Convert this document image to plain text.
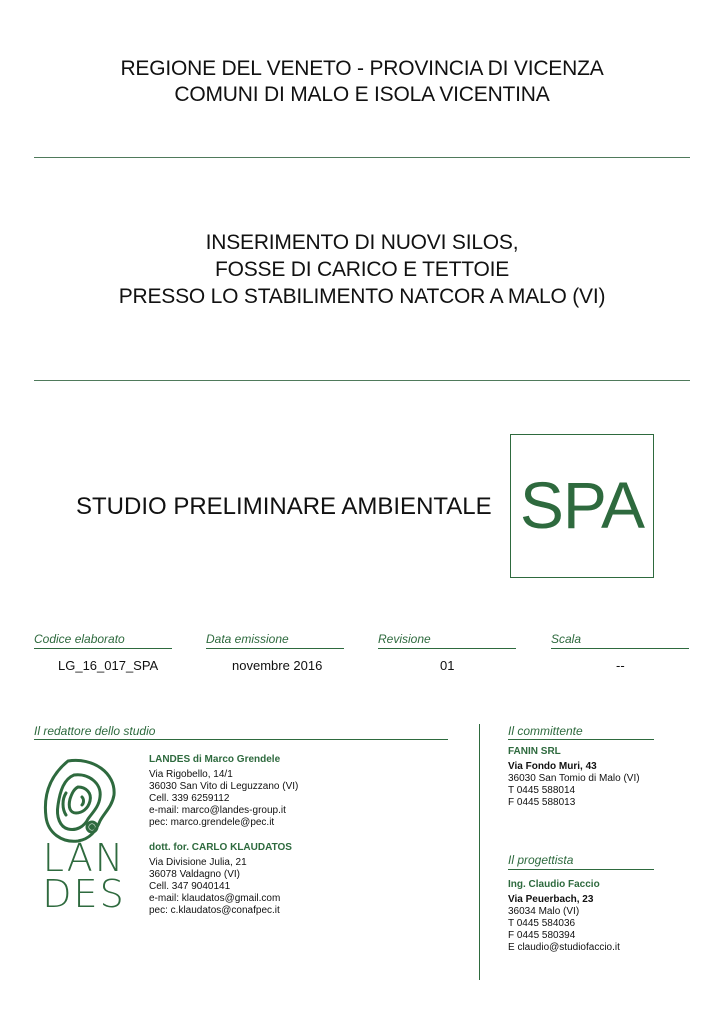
REGIONE DEL VENETO - PROVINCIA DI VICENZA
COMUNI DI MALO E ISOLA VICENTINA
INSERIMENTO DI NUOVI SILOS,
FOSSE DI CARICO E TETTOIE
PRESSO LO STABILIMENTO NATCOR A MALO (VI)
STUDIO PRELIMINARE AMBIENTALE SPA
Codice elaborato
LG_16_017_SPA
Data emissione
novembre 2016
Revisione
01
Scala
--
Il redattore dello studio
LAN
DES
LANDES di Marco Grendele
Via Rigobello, 14/1
36030 San Vito di Leguzzano (VI)
Cell. 339 6259112
e-mail: marco@landes-group.it
pec: marco.grendele@pec.it
dott. for. CARLO KLAUDATOS
Via Divisione Julia, 21
36078 Valdagno (VI)
Cell. 347 9040141
e-mail: klaudatos@gmail.com
pec: c.klaudatos@conafpec.it
Il committente
FANIN SRL
Via Fondo Muri, 43
36030 San Tomio di Malo (VI)
T 0445 588014
F 0445 588013
Il progettista
Ing. Claudio Faccio
Via Peuerbach, 23
36034 Malo (VI)
T 0445 584036
F 0445 580394
E claudio@studiofaccio.it
